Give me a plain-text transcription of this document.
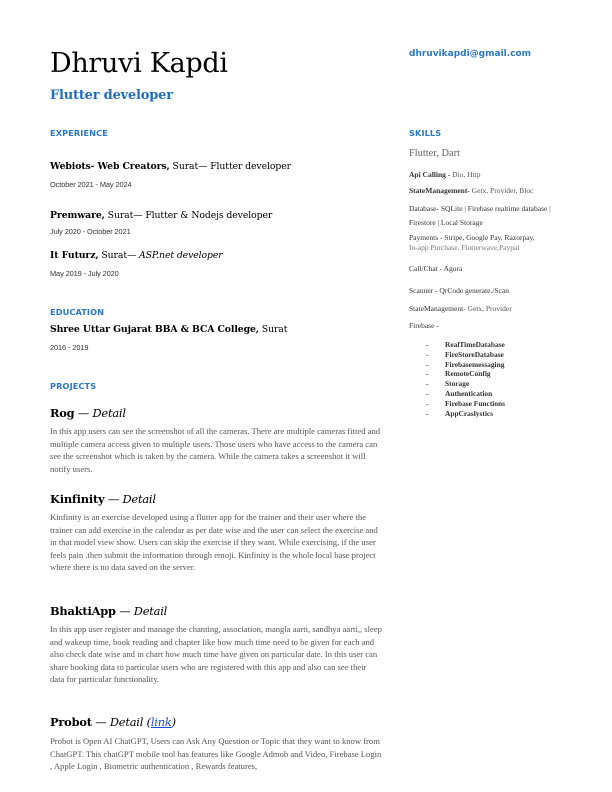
Dhruvi Kapdi
Flutter developer
dhruvikapdi@gmail.com
EXPERIENCE
Webiots- Web Creators, Surat— Flutter developer
October 2021 - May 2024
Premware, Surat— Flutter & Nodejs developer
July 2020 - October 2021
It Futurz, Surat— ASP.net developer
May 2019 - July 2020
EDUCATION
Shree Uttar Gujarat BBA & BCA College, Surat
2016 - 2019
PROJECTS
Rog — Detail
In this app users can see the screenshot of all the cameras. There are multiple cameras fitted and multiple camera access given to multiple users. Those users who have access to the camera can see the screenshot which is taken by the camera. While the camera takes a screenshot it will notify users.
Kinfinity — Detail
Kinfinity is an exercise developed using a flutter app for the trainer and their user where the trainer can add exercise in the calendar as per date wise and the user can select the exercise and in that model view show. Users can skip the exercise if they want. While exercising, if the user feels pain .then submit the information through emoji. Kinfinity is the whole local base project where there is no data saved on the server.
BhaktiApp — Detail
In this app user register and manage the chanting, association, mangla aarti, sandhya aarti,, sleep and wakeup time, book reading and chapter like how much time need to be given for each and also check date wise and in chart how much time have given on particular date. In this user can share booking data to particular users who are registered with this app and also can see their data for particular functionality.
Probot — Detail (link)
Probot is Open AI ChatGPT, Users can Ask Any Question or Topic that they want to know from ChatGPT. This chatGPT mobile tool has features like Google Admob and Video, Firebase Login , Apple Login , Biometric authentication , Rewards features,
SKILLS
Flutter, Dart
Api Calling - Dio, Http
StateManagement- Getx, Provider, Bloc
Database- SQLite | Firebase realtime database | Firestore | Local Storage
Payments - Stripe, Google Pay, Razorpay,
In-app Purchase. Flutterwave,Paypal
Call/Chat - Agora
Scanner - QrCode generate./Scan
StateManagement- Getx, Provider
Firebase -
- RealTimeDatabase
- FireStoreDatabase
- Firebasemessaging
- RemoteConfig
- Storage
- Authentication
- Firebase Functions
- AppCraslystics
